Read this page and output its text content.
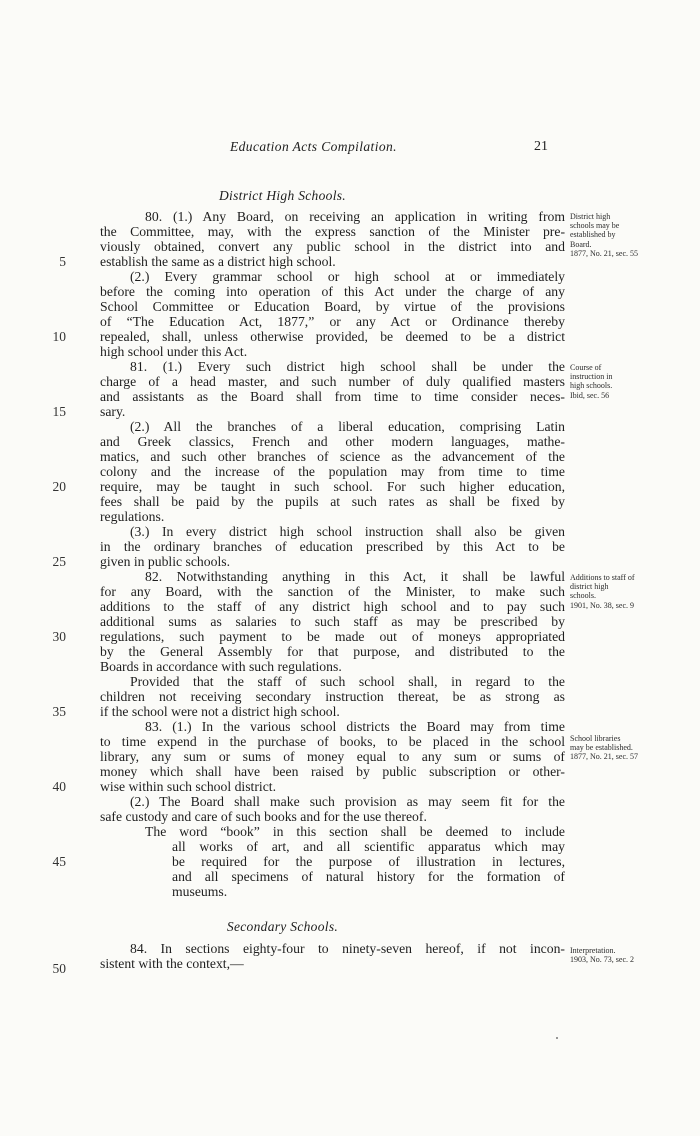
Education Acts Compilation.	21
District High Schools.
Secondary Schools.
80. (1.) Any Board, on receiving an application in writing from
the Committee, may, with the express sanction of the Minister pre-
viously obtained, convert any public school in the district into and
establish the same as a district high school.
(2.) Every grammar school or high school at or immediately
before the coming into operation of this Act under the charge of any
School Committee or Education Board, by virtue of the provisions
of “The Education Act, 1877,” or any Act or Ordinance thereby
repealed, shall, unless otherwise provided, be deemed to be a district
high school under this Act.
81. (1.) Every such district high school shall be under the
charge of a head master, and such number of duly qualified masters
and assistants as the Board shall from time to time consider neces-
sary.
(2.) All the branches of a liberal education, comprising Latin
and Greek classics, French and other modern languages, mathe-
matics, and such other branches of science as the advancement of the
colony and the increase of the population may from time to time
require, may be taught in such school. For such higher education,
fees shall be paid by the pupils at such rates as shall be fixed by
regulations.
(3.) In every district high school instruction shall also be given
in the ordinary branches of education prescribed by this Act to be
given in public schools.
82. Notwithstanding anything in this Act, it shall be lawful
for any Board, with the sanction of the Minister, to make such
additions to the staff of any district high school and to pay such
additional sums as salaries to such staff as may be prescribed by
regulations, such payment to be made out of moneys appropriated
by the General Assembly for that purpose, and distributed to the
Boards in accordance with such regulations.
Provided that the staff of such school shall, in regard to the
children not receiving secondary instruction thereat, be as strong as
if the school were not a district high school.
83. (1.) In the various school districts the Board may from time
to time expend in the purchase of books, to be placed in the school
library, any sum or sums of money equal to any sum or sums of
money which shall have been raised by public subscription or other-
wise within such school district.
(2.) The Board shall make such provision as may seem fit for the
safe custody and care of such books and for the use thereof.
The word “book” in this section shall be deemed to include
all works of art, and all scientific apparatus which may
be required for the purpose of illustration in lectures,
and all specimens of natural history for the formation of
museums.
84. In sections eighty-four to ninety-seven hereof, if not incon-
sistent with the context,—
5
10
15
20
25
30
35
40
45
50
District high
schools may be
established by
Board.
1877, No. 21, sec. 55
Course of
instruction in
high schools.
Ibid, sec. 56
Additions to staff of
district high
schools.
1901, No. 38, sec. 9
School libraries
may be established.
1877, No. 21, sec. 57
Interpretation.
1903, No. 73, sec. 2
